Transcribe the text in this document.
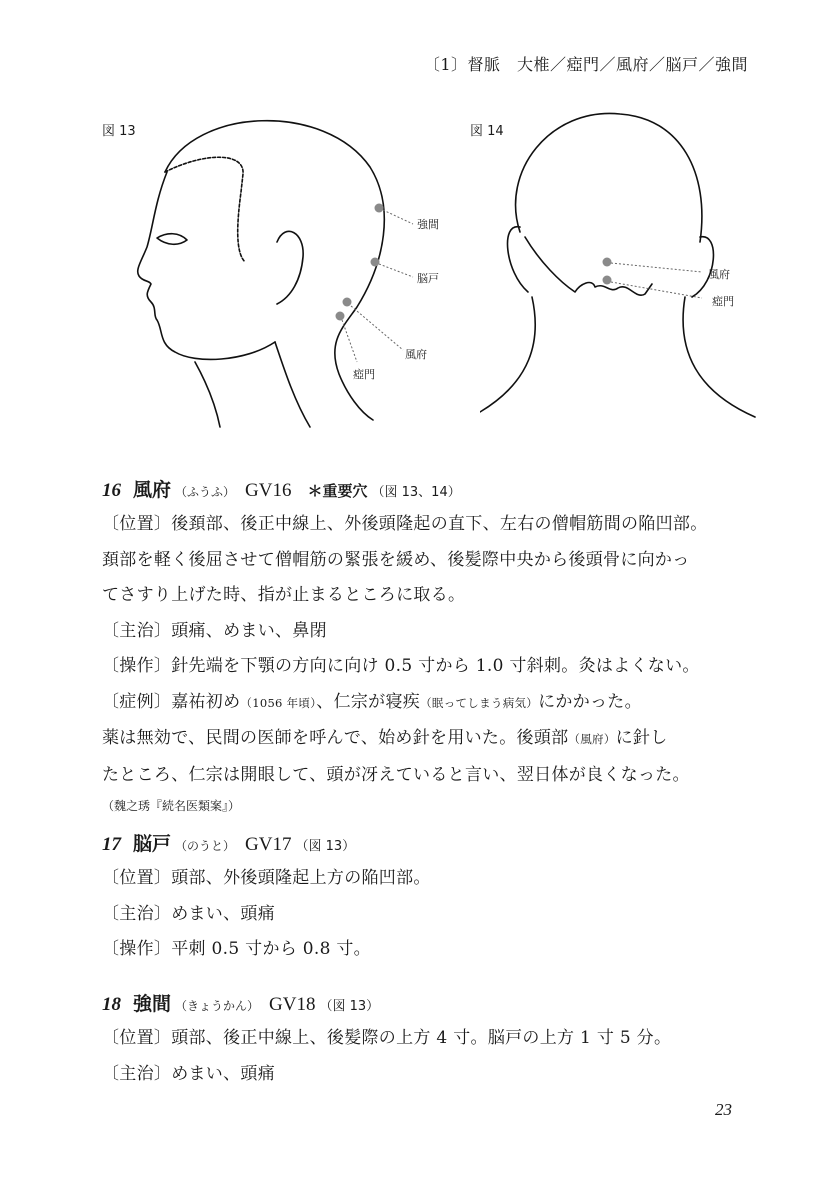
〔1〕督脈　大椎／瘂門／風府／脳戸／強間
図 13	図 14
強間
脳戸
風府
瘂門
風府
瘂門
16 風府 （ふうふ） GV16 ＊重要穴 （図 13、14）
〔位置〕後頚部、後正中線上、外後頭隆起の直下、左右の僧帽筋間の陥凹部。
頚部を軽く後屈させて僧帽筋の緊張を緩め、後髪際中央から後頭骨に向かっ
てさすり上げた時、指が止まるところに取る。
〔主治〕頭痛、めまい、鼻閉
〔操作〕針先端を下顎の方向に向け 0.5 寸から 1.0 寸斜刺。灸はよくない。
〔症例〕嘉祐初め（1056 年頃）、仁宗が寝疾（眠ってしまう病気）にかかった。
薬は無効で、民間の医師を呼んで、始め針を用いた。後頭部（風府）に針し
たところ、仁宗は開眼して、頭が冴えていると言い、翌日体が良くなった。
（魏之琇『続名医類案』）
17 脳戸 （のうと） GV17 （図 13）
〔位置〕頭部、外後頭隆起上方の陥凹部。
〔主治〕めまい、頭痛
〔操作〕平刺 0.5 寸から 0.8 寸。
18 強間 （きょうかん） GV18 （図 13）
〔位置〕頭部、後正中線上、後髪際の上方 4 寸。脳戸の上方 1 寸 5 分。
〔主治〕めまい、頭痛
23
